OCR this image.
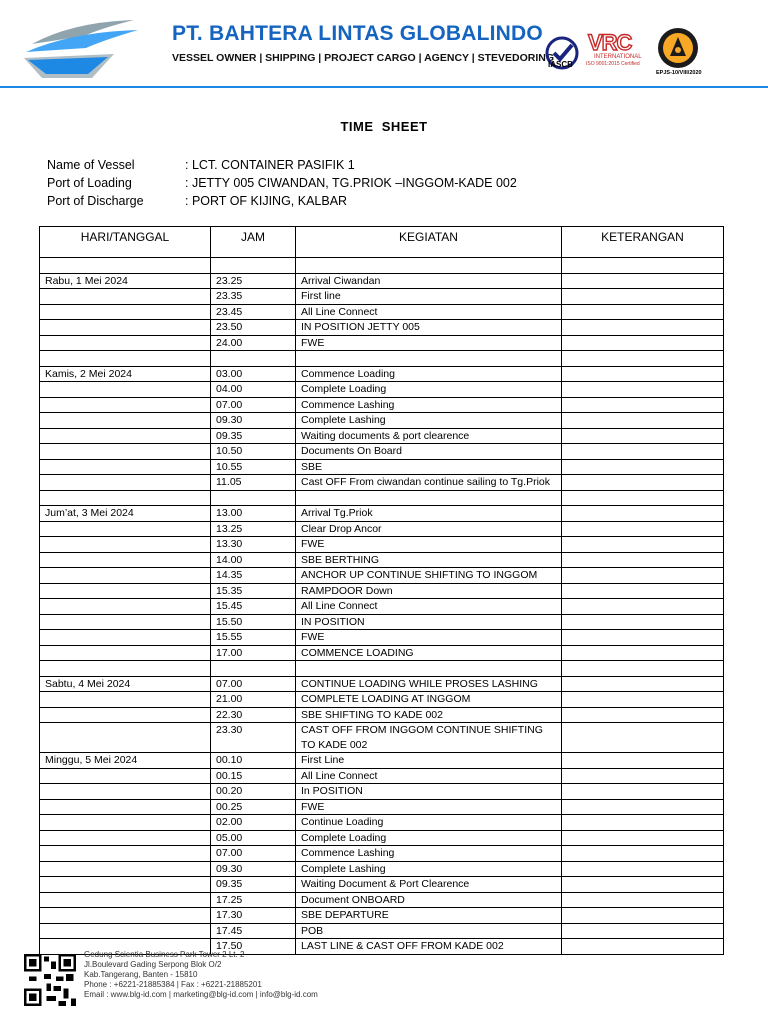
PT. BAHTERA LINTAS GLOBALINDO
VESSEL OWNER | SHIPPING | PROJECT CARGO | AGENCY | STEVEDORING
IASCB
VRC
INTERNATIONAL
ISO 9001:2015 Certified
EPJS-10/VIII/2020
TIME  SHEET
Name of Vessel	: LCT. CONTAINER PASIFIK 1
Port of Loading	: JETTY 005 CIWANDAN, TG.PRIOK –INGGOM-KADE 002
Port of Discharge	: PORT OF KIJING, KALBAR
HARI/TANGGAL	JAM	KEGIATAN	KETERANGAN

Rabu, 1 Mei 2024	23.25	Arrival Ciwandan	
	23.35	First line	
	23.45	All Line Connect	
	23.50	IN POSITION JETTY 005	
	24.00	FWE	

Kamis, 2 Mei 2024	03.00	Commence Loading	
	04.00	Complete Loading	
	07.00	Commence Lashing	
	09.30	Complete Lashing	
	09.35	Waiting documents & port clearence	
	10.50	Documents On Board	
	10.55	SBE	
	11.05	Cast OFF From ciwandan continue sailing to Tg.Priok	

Jum’at, 3 Mei 2024	13.00	Arrival Tg.Priok	
	13.25	Clear Drop Ancor	
	13.30	FWE	
	14.00	SBE BERTHING	
	14.35	ANCHOR UP CONTINUE SHIFTING TO INGGOM	
	15.35	RAMPDOOR Down	
	15.45	All Line Connect	
	15.50	IN POSITION	
	15.55	FWE	
	17.00	COMMENCE LOADING	

Sabtu, 4 Mei 2024	07.00	CONTINUE LOADING WHILE PROSES LASHING	
	21.00	COMPLETE LOADING AT INGGOM	
	22.30	SBE SHIFTING TO KADE 002	
	23.30	CAST OFF FROM INGGOM CONTINUE SHIFTING TO KADE 002	
Minggu, 5 Mei 2024	00.10	First Line	
	00.15	All Line Connect	
	00.20	In POSITION	
	00.25	FWE	
	02.00	Continue Loading	
	05.00	Complete Loading	
	07.00	Commence Lashing	
	09.30	Complete Lashing	
	09.35	Waiting Document & Port Clearence	
	17.25	Document ONBOARD	
	17.30	SBE DEPARTURE	
	17.45	POB	
	17.50	LAST LINE & CAST OFF FROM KADE 002	
Gedung Scientia Business Park Tower 2 Lt. 2
Jl.Boulevard Gading Serpong Blok O/2
Kab.Tangerang, Banten - 15810
Phone : +6221-21885384 | Fax : +6221-21885201
Email : www.blg-id.com | marketing@blg-id.com | info@blg-id.com
